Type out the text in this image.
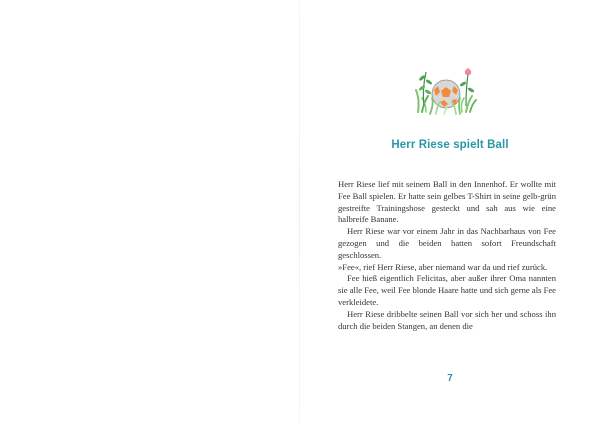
Herr Riese spielt Ball

Herr Riese lief mit seinem Ball in den Innenhof. Er wollte mit Fee Ball spielen. Er hatte sein gelbes T-Shirt in seine gelb-grün gestreifte Trainingshose gesteckt und sah aus wie eine halbreife Banane.

Herr Riese war vor einem Jahr in das Nachbarhaus von Fee gezogen und die beiden hatten sofort Freundschaft geschlossen.

»Fee«, rief Herr Riese, aber niemand war da und rief zurück.

Fee hieß eigentlich Felicitas, aber außer ihrer Oma nannten sie alle Fee, weil Fee blonde Haare hatte und sich gerne als Fee verkleidete.

Herr Riese dribbelte seinen Ball vor sich her und schoss ihn durch die beiden Stangen, an denen die

7
